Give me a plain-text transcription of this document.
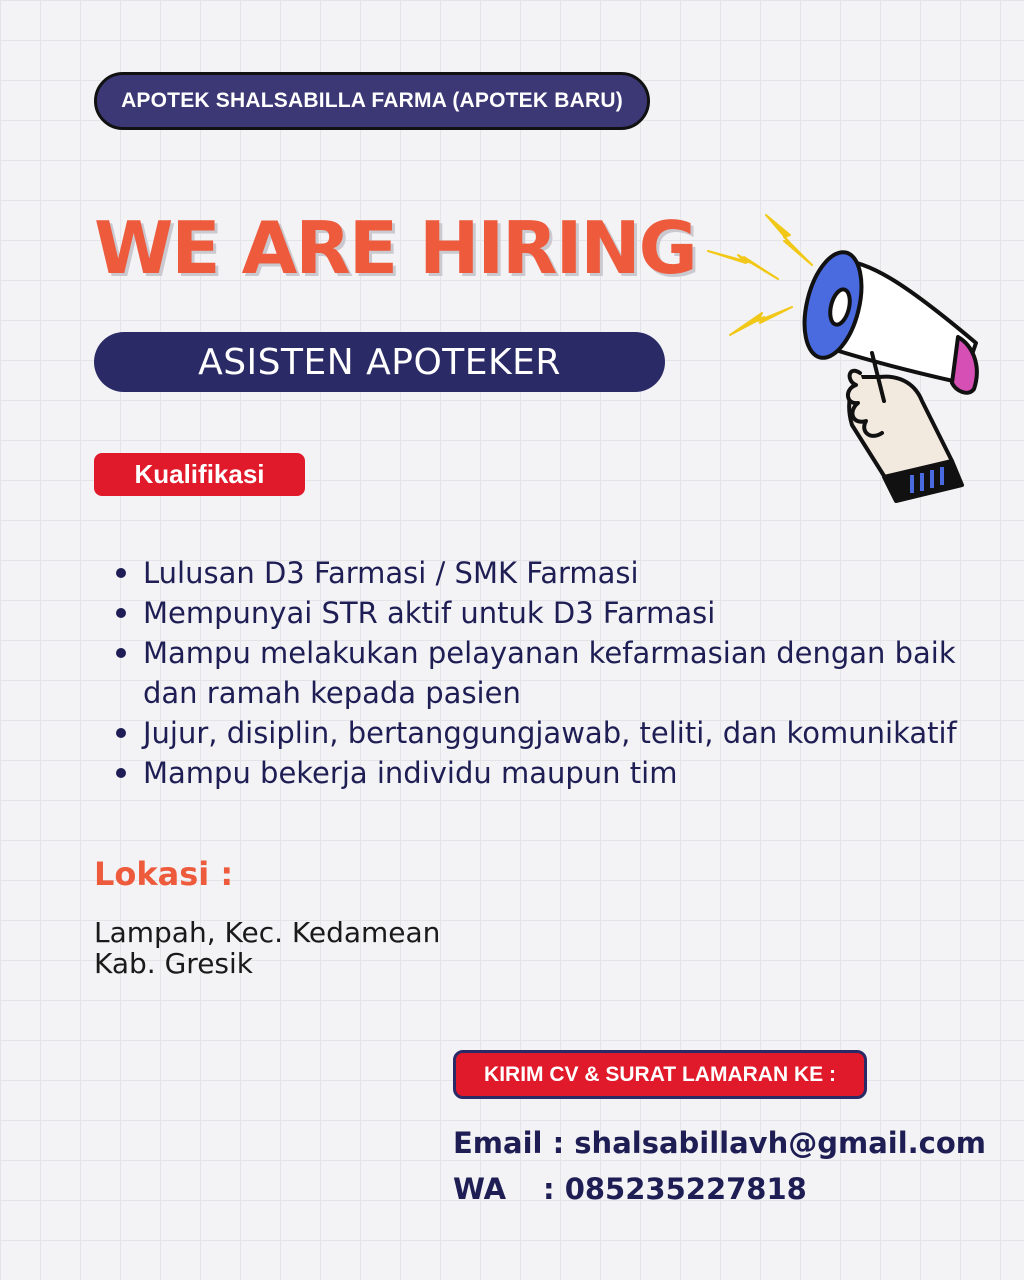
APOTEK SHALSABILLA FARMA (APOTEK BARU)
WE ARE HIRING
ASISTEN APOTEKER
Kualifikasi
Lulusan D3 Farmasi / SMK Farmasi
Mempunyai STR aktif untuk D3 Farmasi
Mampu melakukan pelayanan kefarmasian dengan baik dan ramah kepada pasien
Jujur, disiplin, bertanggungjawab, teliti, dan komunikatif
Mampu bekerja individu maupun tim
Lokasi :
Lampah, Kec. Kedamean
Kab. Gresik
KIRIM CV & SURAT LAMARAN KE :
Email : shalsabillavh@gmail.com
WA : 085235227818
